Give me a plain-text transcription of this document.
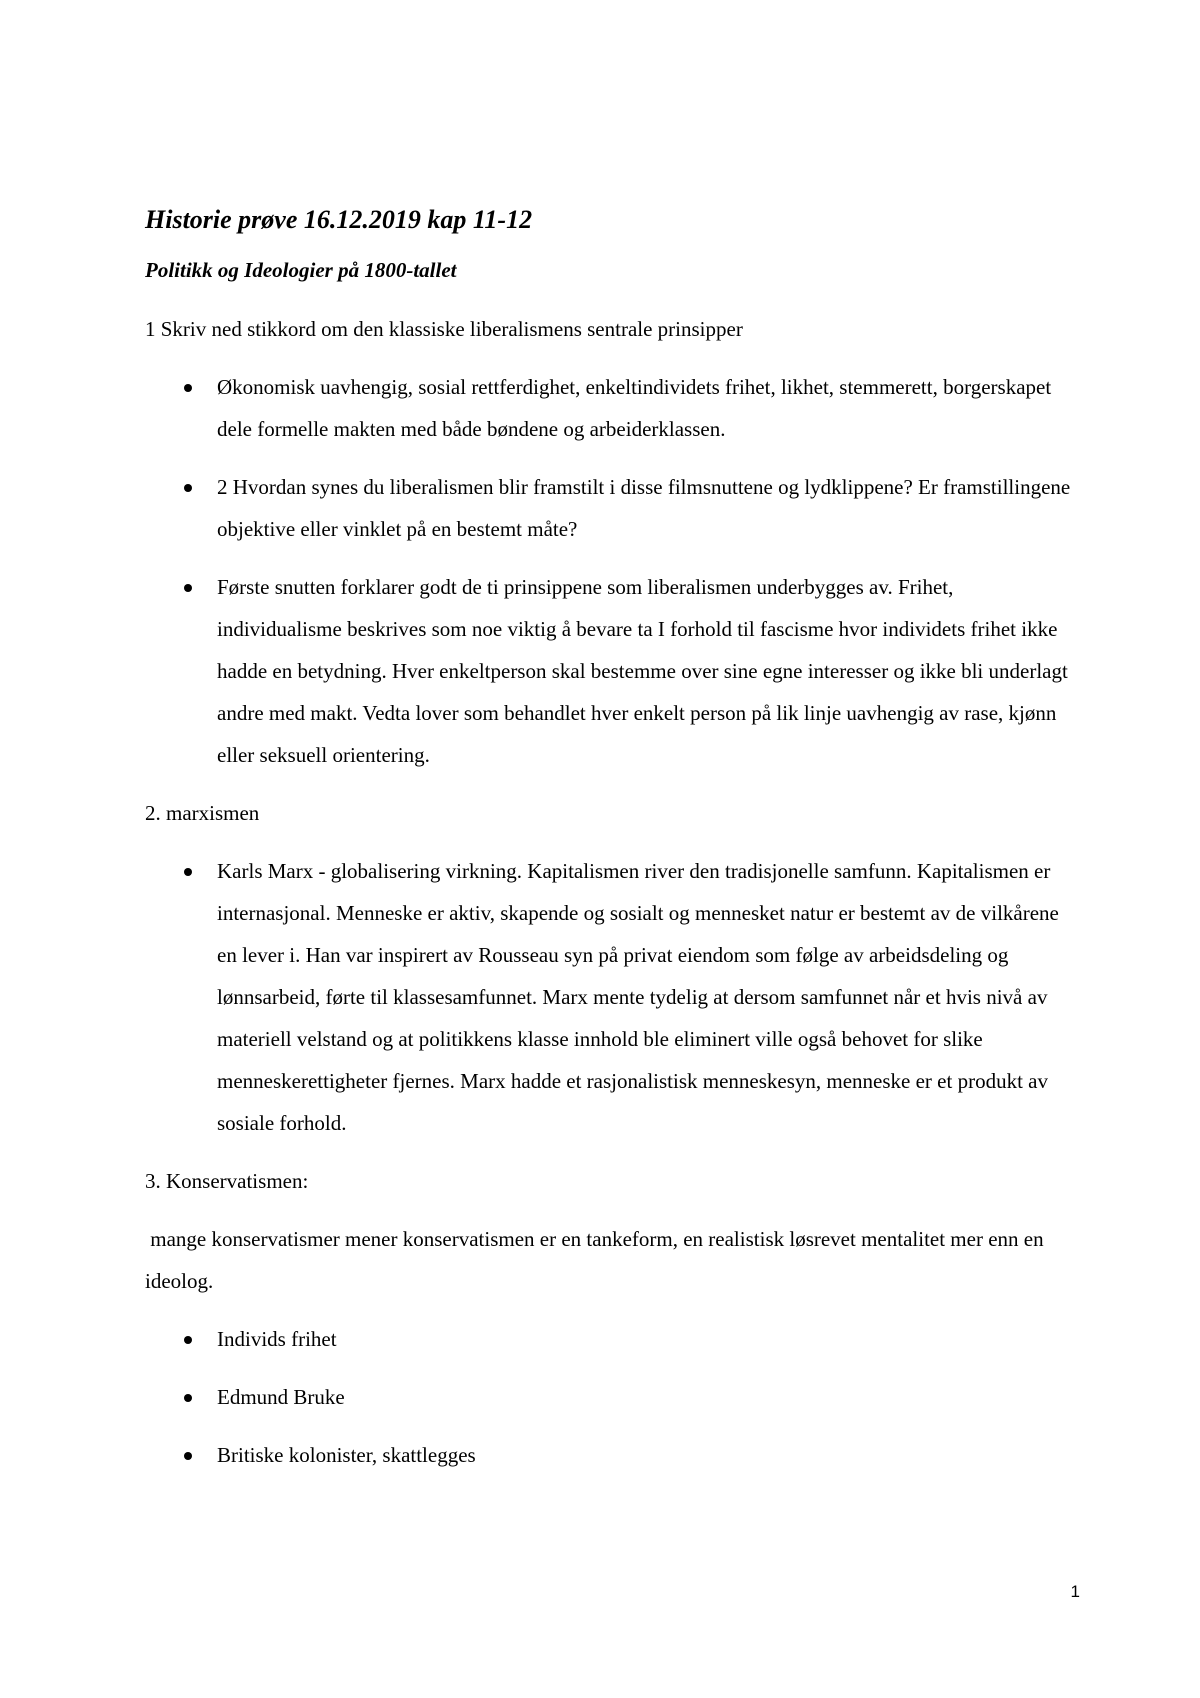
Historie prøve 16.12.2019 kap 11-12
Politikk og Ideologier på 1800-tallet

1 Skriv ned stikkord om den klassiske liberalismens sentrale prinsipper

Økonomisk uavhengig, sosial rettferdighet, enkeltindividets frihet, likhet, stemmerett, borgerskapet dele formelle makten med både bøndene og arbeiderklassen.
2 Hvordan synes du liberalismen blir framstilt i disse filmsnuttene og lydklippene? Er framstillingene objektive eller vinklet på en bestemt måte?
Første snutten forklarer godt de ti prinsippene som liberalismen underbygges av. Frihet, individualisme beskrives som noe viktig å bevare ta I forhold til fascisme hvor individets frihet ikke hadde en betydning. Hver enkeltperson skal bestemme over sine egne interesser og ikke bli underlagt andre med makt. Vedta lover som behandlet hver enkelt person på lik linje uavhengig av rase, kjønn eller seksuell orientering.

2. marxismen

Karls Marx - globalisering virkning. Kapitalismen river den tradisjonelle samfunn. Kapitalismen er internasjonal. Menneske er aktiv, skapende og sosialt og mennesket natur er bestemt av de vilkårene en lever i. Han var inspirert av Rousseau syn på privat eiendom som følge av arbeidsdeling og lønnsarbeid, førte til klassesamfunnet. Marx mente tydelig at dersom samfunnet når et hvis nivå av materiell velstand og at politikkens klasse innhold ble eliminert ville også behovet for slike menneskerettigheter fjernes. Marx hadde et rasjonalistisk menneskesyn, menneske er et produkt av sosiale forhold.

3. Konservatismen:

mange konservatismer mener konservatismen er en tankeform, en realistisk løsrevet mentalitet mer enn en ideolog.

Individs frihet
Edmund Bruke
Britiske kolonister, skattlegges
1
